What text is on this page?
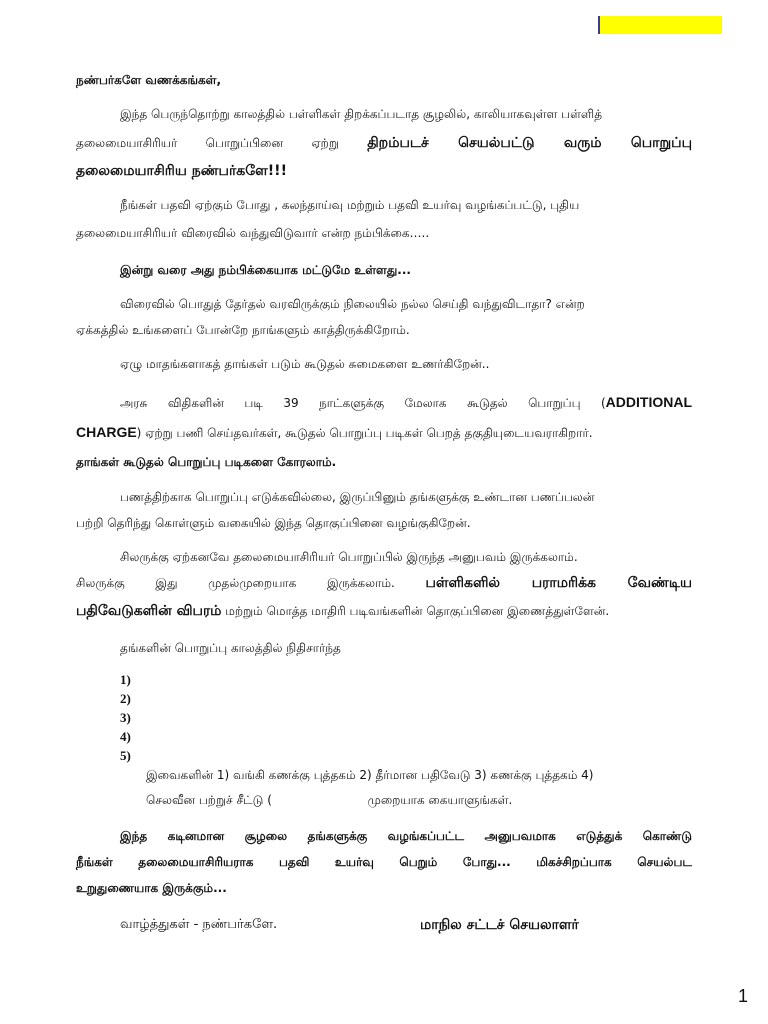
நண்பர்களே வணக்கங்கள்,
இந்த பெருந்தொற்று காலத்தில் பள்ளிகள் திறக்கப்படாத சூழலில், காலியாகவுள்ள பள்ளித்
தலைமையாசிரியர் பொறுப்பினை ஏற்று திறம்படச் செயல்பட்டு வரும் பொறுப்பு
தலைமையாசிரிய நண்பர்களே!!!
நீங்கள் பதவி ஏற்கும் போது , கலந்தாய்வு மற்றும் பதவி உயர்வு வழங்கப்பட்டு, புதிய
தலைமையாசிரியர் விரைவில் வந்துவிடுவார் என்ற நம்பிக்கை…..
இன்று வரை அது நம்பிக்கையாக மட்டுமே உள்ளது...
விரைவில் பொதுத் தேர்தல் வரவிருக்கும் நிலையில் நல்ல செய்தி வந்துவிடாதா? என்ற
ஏக்கத்தில் உங்களைப் போன்றே நாங்களும் காத்திருக்கிறோம்.
ஏழு மாதங்களாகத் தாங்கள் படும் கூடுதல் சுமைகளை உணர்கிறேன்..
அரசு விதிகளின் படி 39 நாட்களுக்கு மேலாக கூடுதல் பொறுப்பு (ADDITIONAL
CHARGE) ஏற்று பணி செய்தவர்கள், கூடுதல் பொறுப்பு படிகள் பெறத் தகுதியுடையவராகிறார்.
தாங்கள் கூடுதல் பொறுப்பு படிகளை கோரலாம்.
பணத்திற்காக பொறுப்பு எடுக்கவில்லை, இருப்பினும் தங்களுக்கு உண்டான பணப்பலன்
பற்றி தெரிந்து கொள்ளும் வகையில் இந்த தொகுப்பினை வழங்குகிறேன்.
சிலருக்கு ஏற்கனவே தலைமையாசிரியர் பொறுப்பில் இருந்த அனுபவம் இருக்கலாம்.
சிலருக்கு இது முதல்முறையாக இருக்கலாம். பள்ளிகளில் பராமரிக்க வேண்டிய
பதிவேடுகளின் விபரம் மற்றும் மொத்த மாதிரி படிவங்களின் தொகுப்பினை இணைத்துள்ளேன்.
தங்களின் பொறுப்பு காலத்தில் நிதிசார்ந்த
1)
2)
3)
4)
5)
இவைகளின் 1) வங்கி கணக்கு புத்தகம் 2) தீர்மான பதிவேடு 3) கணக்கு புத்தகம் 4)
செலவீன பற்றுச் சீட்டு (	முறையாக கையாளுங்கள்.
இந்த கடினமான சூழலை தங்களுக்கு வழங்கப்பட்ட அனுபவமாக எடுத்துக் கொண்டு
நீங்கள் தலைமையாசிரியராக பதவி உயர்வு பெறும் போது... மிகச்சிறப்பாக செயல்பட
உறுதுணையாக இருக்கும்...
வாழ்த்துகள் - நண்பர்களே.	மாநில சட்டச் செயலாளர்
1
